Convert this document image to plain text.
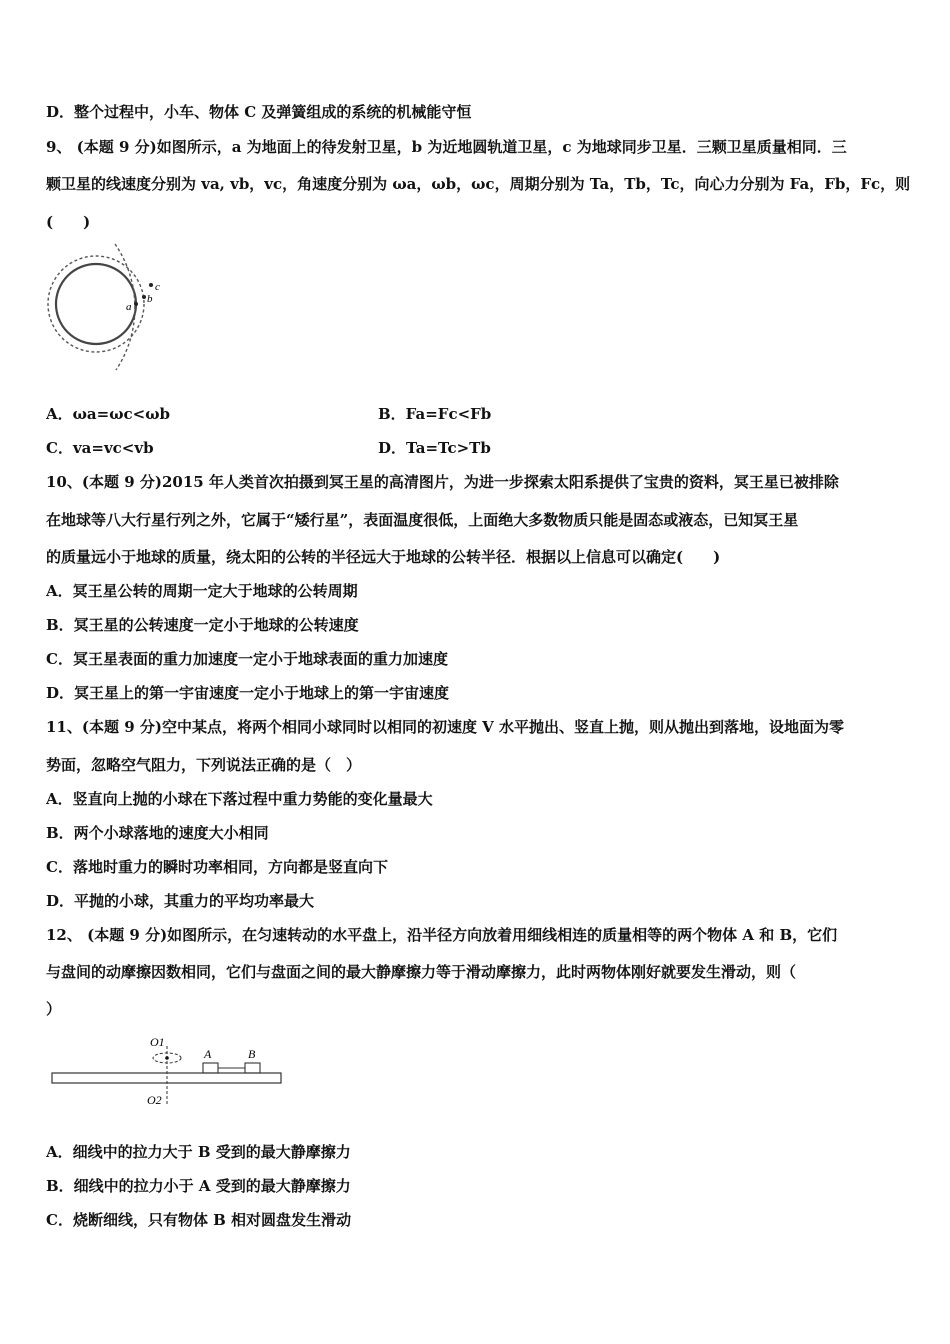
D．整个过程中，小车、物体 C 及弹簧组成的系统的机械能守恒
9、 (本题 9 分)如图所示，a 为地面上的待发射卫星，b 为近地圆轨道卫星，c 为地球同步卫星．三颗卫星质量相同．三
颗卫星的线速度分别为 va, vb，vc，角速度分别为 ωa，ωb，ωc，周期分别为 Ta，Tb，Tc，向心力分别为 Fa，Fb，Fc，则
(　　)
a
b
c
A．ωa=ωc<ωb	B．Fa=Fc<Fb
C．va=vc<vb	D．Ta=Tc>Tb
10、(本题 9 分)2015 年人类首次拍摄到冥王星的高清图片，为进一步探索太阳系提供了宝贵的资料，冥王星已被排除
在地球等八大行星行列之外，它属于“矮行星”，表面温度很低，上面绝大多数物质只能是固态或液态，已知冥王星
的质量远小于地球的质量，绕太阳的公转的半径远大于地球的公转半径．根据以上信息可以确定(　　)
A．冥王星公转的周期一定大于地球的公转周期
B．冥王星的公转速度一定小于地球的公转速度
C．冥王星表面的重力加速度一定小于地球表面的重力加速度
D．冥王星上的第一宇宙速度一定小于地球上的第一宇宙速度
11、(本题 9 分)空中某点，将两个相同小球同时以相同的初速度 V 水平抛出、竖直上抛，则从抛出到落地，设地面为零
势面，忽略空气阻力，下列说法正确的是（　）
A．竖直向上抛的小球在下落过程中重力势能的变化量最大
B．两个小球落地的速度大小相同
C．落地时重力的瞬时功率相同，方向都是竖直向下
D．平抛的小球，其重力的平均功率最大
12、 (本题 9 分)如图所示，在匀速转动的水平盘上，沿半径方向放着用细线相连的质量相等的两个物体 A 和 B，它们
与盘间的动摩擦因数相同，它们与盘面之间的最大静摩擦力等于滑动摩擦力，此时两物体刚好就要发生滑动，则（
）
O1
O2
A	B
A．细线中的拉力大于 B 受到的最大静摩擦力
B．细线中的拉力小于 A 受到的最大静摩擦力
C．烧断细线，只有物体 B 相对圆盘发生滑动
